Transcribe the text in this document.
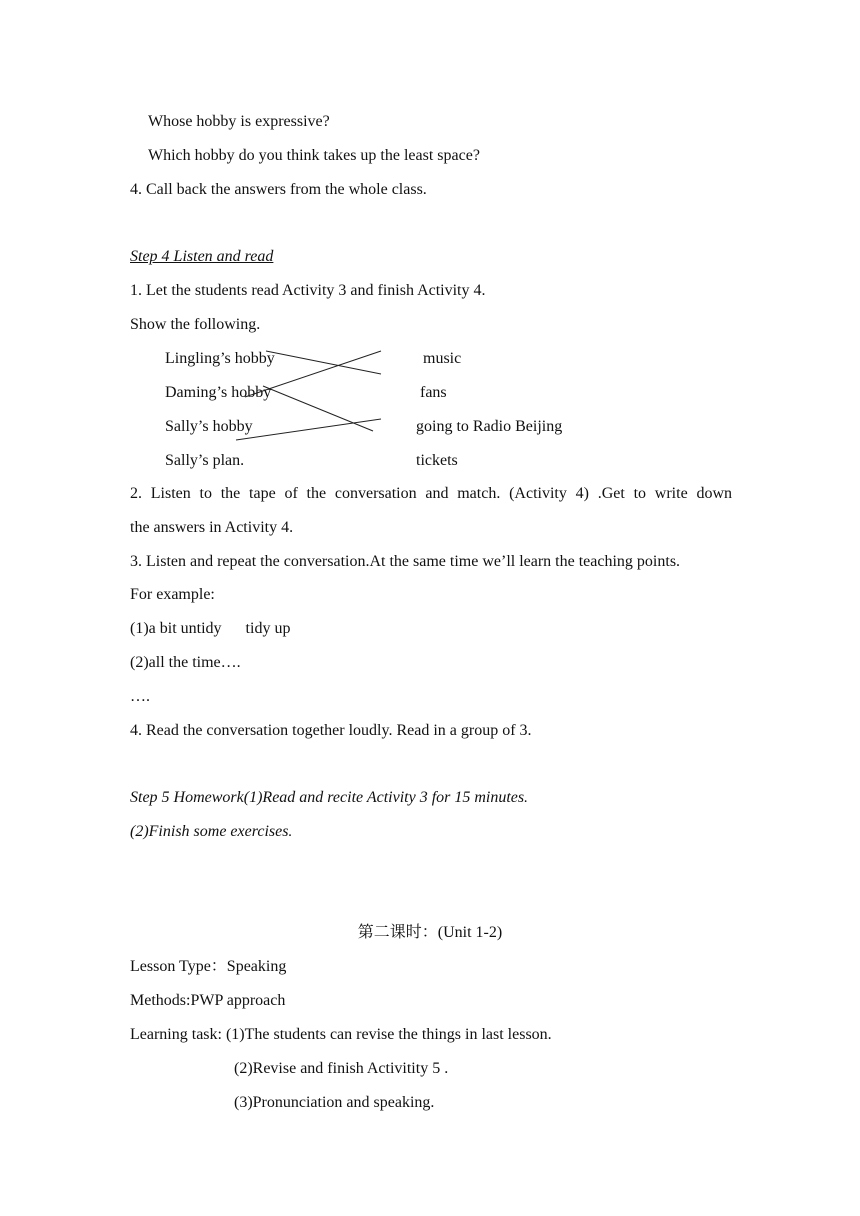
Whose hobby is expressive?
Which hobby do you think takes up the least space?
4. Call back the answers from the whole class.
Step 4 Listen and read
1. Let the students read Activity 3 and finish Activity 4.
Show the following.
Lingling’s hobby
Daming’s hobby
Sally’s hobby
Sally’s plan.
music
fans
going to Radio Beijing
tickets
2. Listen to the tape of the conversation and match. (Activity 4) .Get to write down
the answers in Activity 4.
3. Listen and repeat the conversation.At the same time we’ll learn the teaching points.
For example:
(1)a bit untidy tidy up
(2)all the time….
….
4. Read the conversation together loudly. Read in a group of 3.
Step 5 Homework(1)Read and recite Activity 3 for 15 minutes.
(2)Finish some exercises.
第二课时：(Unit 1-2)
Lesson Type：Speaking
Methods:PWP approach
Learning task: (1)The students can revise the things in last lesson.
(2)Revise and finish Activitity 5 .
(3)Pronunciation and speaking.
